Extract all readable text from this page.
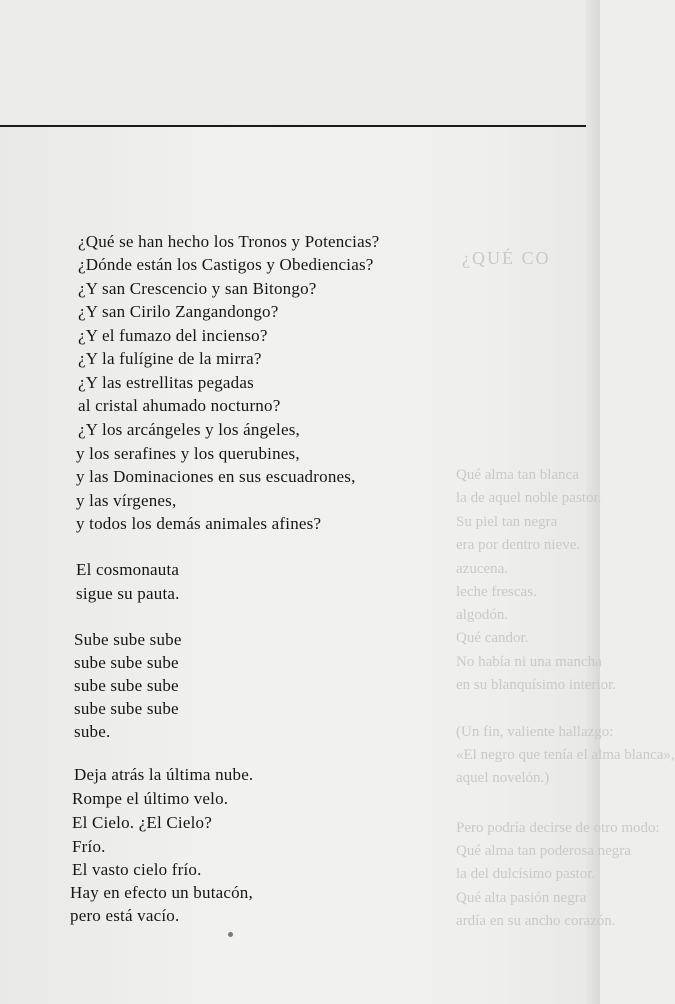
¿QUÉ CO
Qué alma tan blanca
la de aquel noble pastor.
Su piel tan negra
era por dentro nieve.
azucena.
leche frescas.
algodón.
Qué candor.
No había ni una mancha
en su blanquísimo interior.
(Un fin, valiente hallazgo:
«El negro que tenía el alma blanca»,
aquel novelón.)
Pero podría decirse de otro modo:
Qué alma tan poderosa negra
la del dulcísimo pastor.
Qué alta pasión negra
ardía en su ancho corazón.
¿Qué se han hecho los Tronos y Potencias?
¿Dónde están los Castigos y Obediencias?
¿Y san Crescencio y san Bitongo?
¿Y san Cirilo Zangandongo?
¿Y el fumazo del incienso?
¿Y la fulígine de la mirra?
¿Y las estrellitas pegadas
al cristal ahumado nocturno?
¿Y los arcángeles y los ángeles,
y los serafines y los querubines,
y las Dominaciones en sus escuadrones,
y las vírgenes,
y todos los demás animales afines?
El cosmonauta
sigue su pauta.
Sube sube sube
sube sube sube
sube sube sube
sube sube sube
sube.
Deja atrás la última nube.
Rompe el último velo.
El Cielo. ¿El Cielo?
Frío.
El vasto cielo frío.
Hay en efecto un butacón,
pero está vacío.
